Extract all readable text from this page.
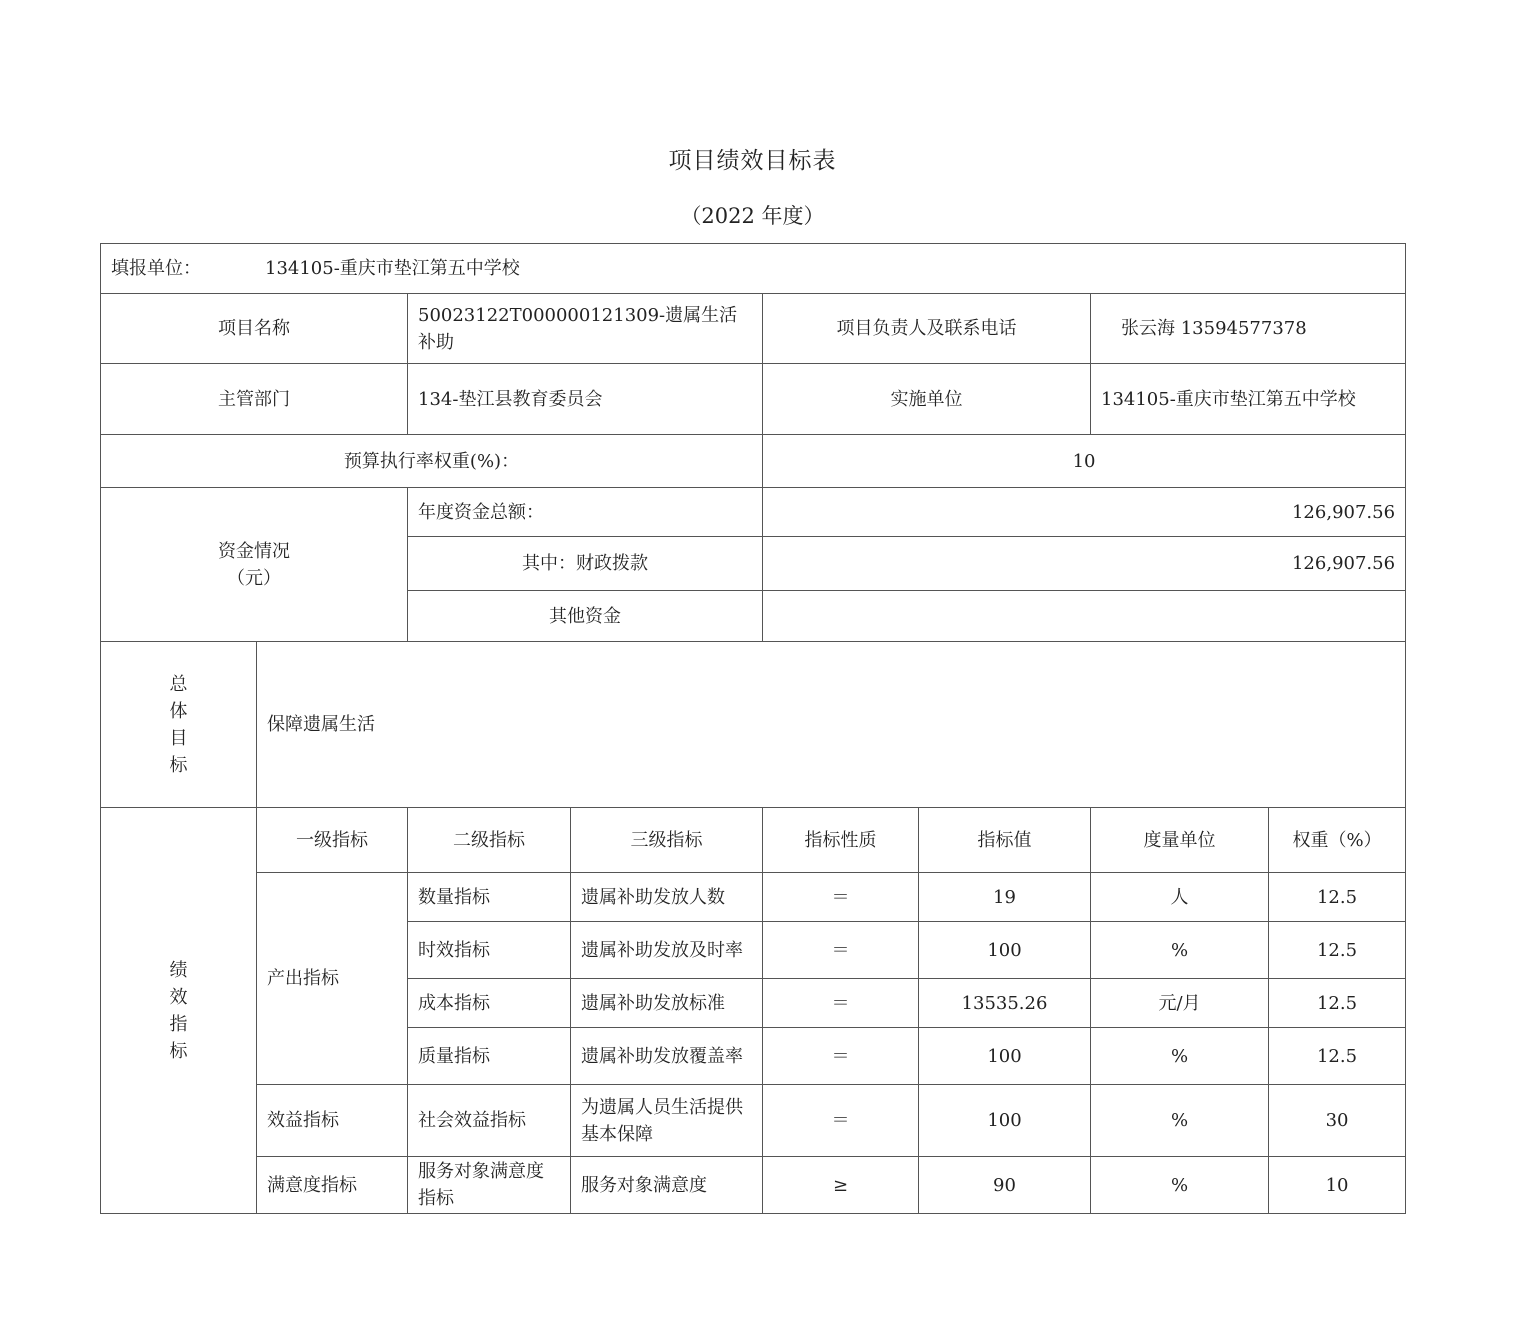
项目绩效目标表
（2022 年度）
填报单位： 134105-重庆市垫江第五中学校							
项目名称		50023122T000000121309-遗属生活补助		项目负责人及联系电话		张云海 13594577378	
主管部门		134-垫江县教育委员会		实施单位		134105-重庆市垫江第五中学校	
预算执行率权重(%)：				10			
资金情况
（元）		年度资金总额：		126,907.56			
		其中：财政拨款		126,907.56			
		其他资金					

总
体
目
标	保障遗属生活						

绩
效
指
标	一级指标	二级指标	三级指标	指标性质	指标值	度量单位	权重（%）
	产出指标	数量指标	遗属补助发放人数	＝	19	人	12.5
		时效指标	遗属补助发放及时率	＝	100	%	12.5
		成本指标	遗属补助发放标准	＝	13535.26	元/月	12.5
		质量指标	遗属补助发放覆盖率	＝	100	%	12.5
	效益指标	社会效益指标	为遗属人员生活提供基本保障	＝	100	%	30
	满意度指标	服务对象满意度指标	服务对象满意度	≥	90	%	10
